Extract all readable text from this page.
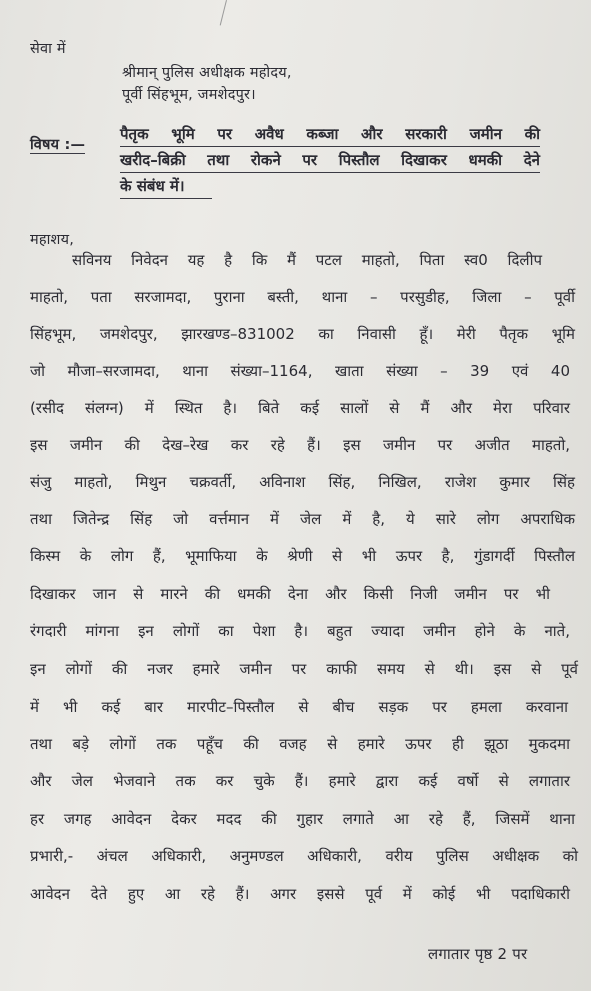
सेवा में

श्रीमान् पुलिस अधीक्षक महोदय,

पूर्वी सिंहभूम, जमशेदपुर।

विषय :—

पैतृक भूमि पर अवैध कब्जा और सरकारी जमीन की

खरीद–बिक्री तथा रोकने पर पिस्तौल दिखाकर धमकी देने

के संबंध में।

महाशय,

सविनय निवेदन यह है कि मैं पटल माहतो, पिता स्व0 दिलीप

माहतो, पता सरजामदा, पुराना बस्ती, थाना – परसुडीह, जिला – पूर्वी

सिंहभूम, जमशेदपुर, झारखण्ड–831002 का निवासी हूँ। मेरी पैतृक भूमि

जो मौजा–सरजामदा, थाना संख्या–1164, खाता संख्या – 39 एवं 40

(रसीद संलग्न) में स्थित है। बिते कई सालों से मैं और मेरा परिवार

इस जमीन की देख–रेख कर रहे हैं। इस जमीन पर अजीत माहतो,

संजु माहतो, मिथुन चक्रवर्ती, अविनाश सिंह, निखिल, राजेश कुमार सिंह

तथा जितेन्द्र सिंह जो वर्त्तमान में जेल में है, ये सारे लोग अपराधिक

किस्म के लोग हैं, भूमाफिया के श्रेणी से भी ऊपर है, गुंडागर्दी पिस्तौल

दिखाकर जान से मारने की धमकी देना और किसी निजी जमीन पर भी

रंगदारी मांगना इन लोगों का पेशा है। बहुत ज्यादा जमीन होने के नाते,

इन लोगों की नजर हमारे जमीन पर काफी समय से थी। इस से पूर्व

में भी कई बार मारपीट–पिस्तौल से बीच सड़क पर हमला करवाना

तथा बड़े लोगों तक पहूँच की वजह से हमारे ऊपर ही झूठा मुकदमा

और जेल भेजवाने तक कर चुके हैं। हमारे द्वारा कई वर्षो से लगातार

हर जगह आवेदन देकर मदद की गुहार लगाते आ रहे हैं, जिसमें थाना

प्रभारी,- अंचल अधिकारी, अनुमण्डल अधिकारी, वरीय पुलिस अधीक्षक को

आवेदन देते हुए आ रहे हैं। अगर इससे पूर्व में कोई भी पदाधिकारी

लगातार पृष्ठ 2 पर
